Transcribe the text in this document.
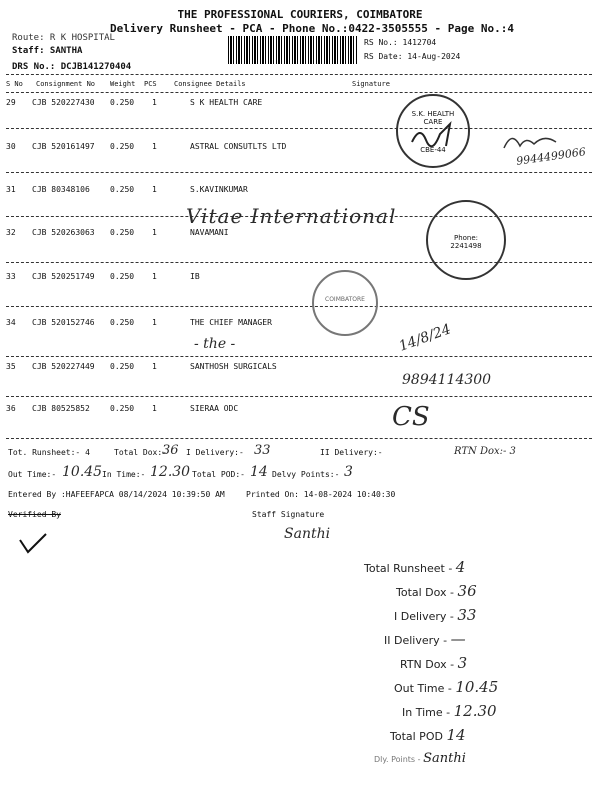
THE PROFESSIONAL COURIERS, COIMBATORE
Delivery Runsheet - PCA - Phone No.:0422-3505555 - Page No.:4
Route: R K HOSPITAL
Staff: SANTHA
DRS No.: DCJB141270404
RS No.: 1412704
RS Date: 14-Aug-2024
S No Consignment No Weight PCS Consignee Details	Signature
29 CJB 520227430 0.250 1	S K HEALTH CARE
30 CJB 520161497 0.250 1	ASTRAL CONSUTLTS LTD
31 CJB 80348106	0.250 1	S.KAVINKUMAR
32 CJB 520263063 0.250 1	NAVAMANI
33 CJB 520251749 0.250 1	IB
34 CJB 520152746 0.250 1	THE CHIEF MANAGER
35 CJB 520227449 0.250 1	SANTHOSH SURGICALS
36 CJB 80525852	0.250 1	SIERAA ODC
S.K. HEALTH CARE
CBE-44	9944499066
Vitae International
Phone: 2241498
COIMBATORE
- the -	14/8/24
9894114300
CS
Tot. Runsheet:- 4	Total Dox:-
36 I Delivery:- 33	II Delivery:-	RTN Dox:- 3
Out Time:- 10.45 In Time:- 12.30 Total POD:- 14 Delvy Points:- 3
Entered By :HAFEEFAPCA 08/14/2024 10:39:50 AM	Printed On: 14-08-2024 10:40:30
Verified By	Staff Signature
Santhi
Total Runsheet - 4
Total Dox - 36
I Delivery - 33
II Delivery - —
RTN Dox - 3
Out Time - 10.45
In Time - 12.30
Total POD 14
Dly. Points - Santhi
